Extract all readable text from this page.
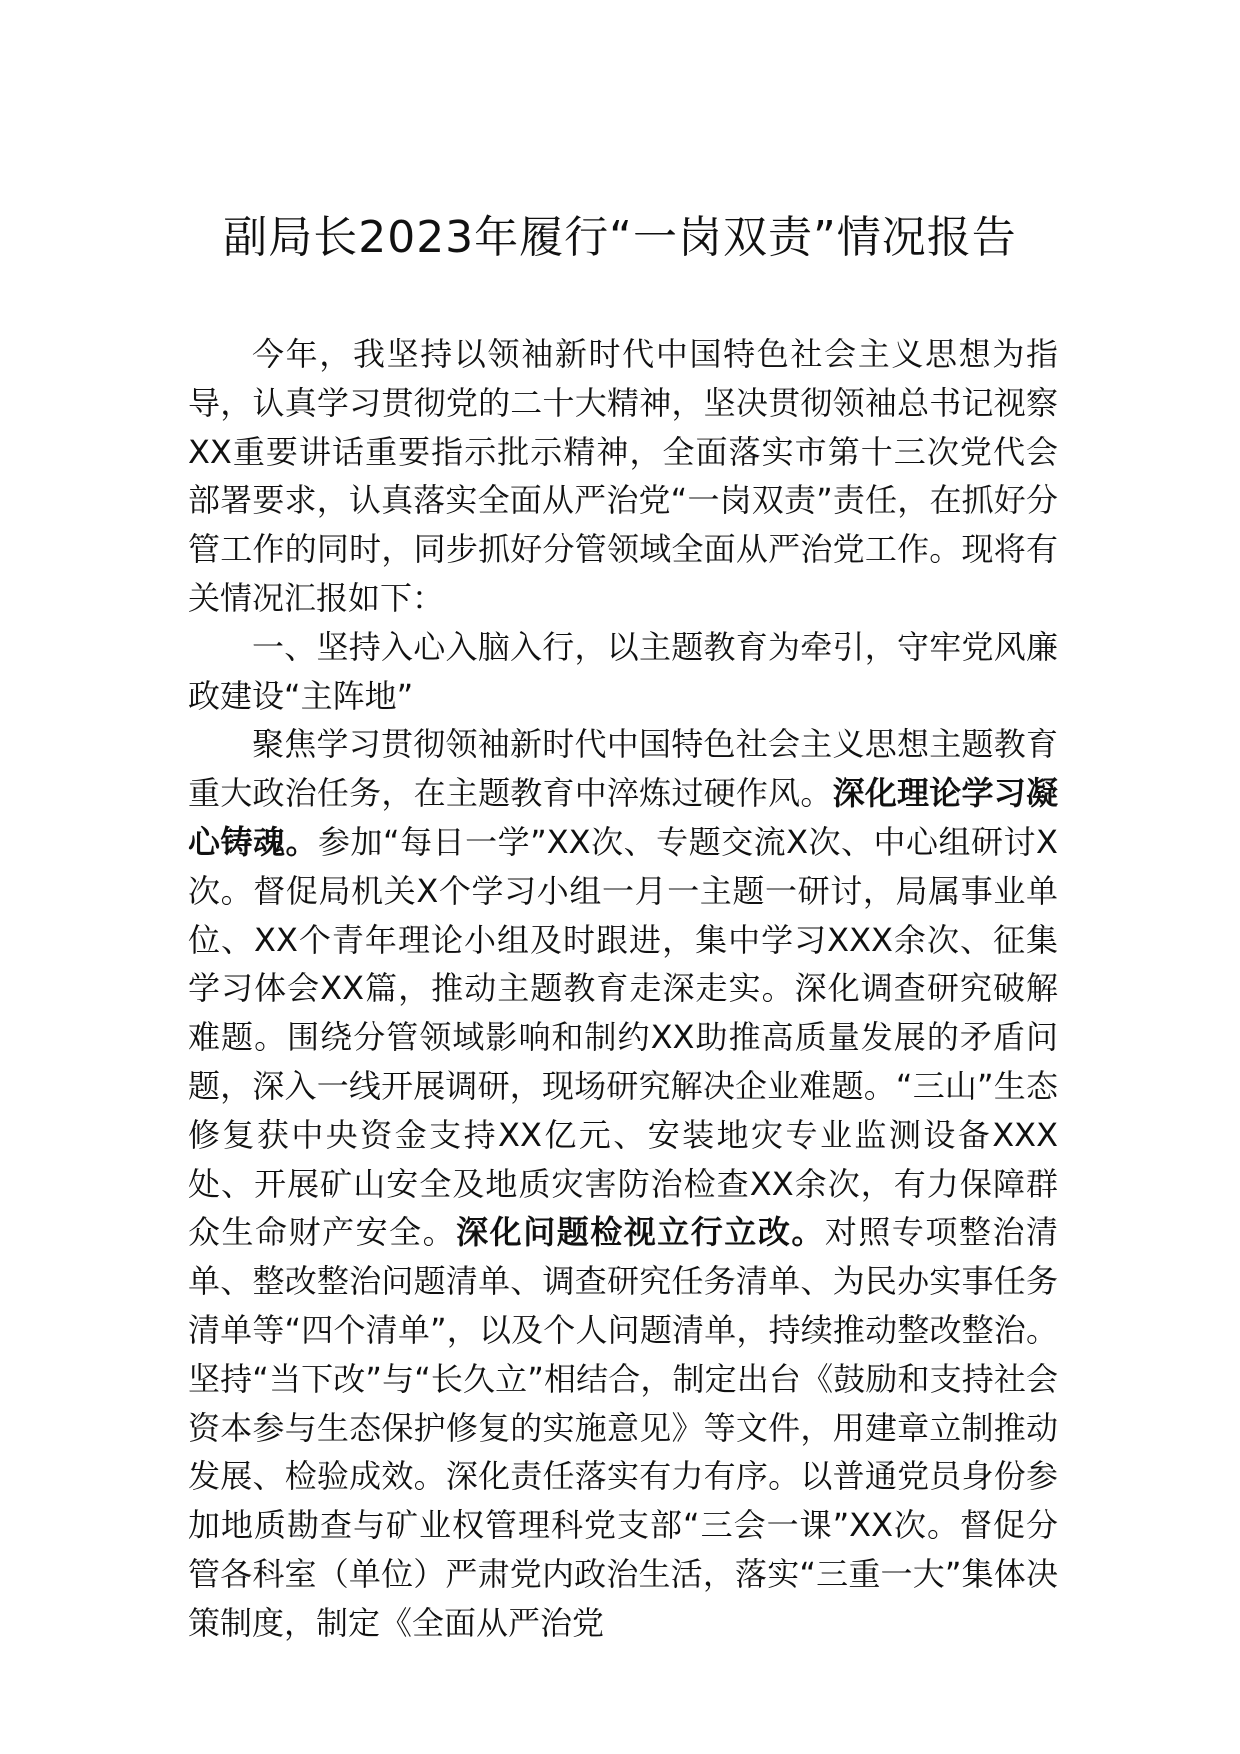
副局长2023年履行“一岗双责”情况报告

今年，我坚持以领袖新时代中国特色社会主义思想为指导，认真学习贯彻党的二十大精神，坚决贯彻领袖总书记视察XX重要讲话重要指示批示精神，全面落实市第十三次党代会部署要求，认真落实全面从严治党“一岗双责”责任，在抓好分管工作的同时，同步抓好分管领域全面从严治党工作。现将有关情况汇报如下：

一、坚持入心入脑入行，以主题教育为牵引，守牢党风廉政建设“主阵地”

聚焦学习贯彻领袖新时代中国特色社会主义思想主题教育重大政治任务，在主题教育中淬炼过硬作风。深化理论学习凝心铸魂。参加“每日一学”XX次、专题交流X次、中心组研讨X次。督促局机关X个学习小组一月一主题一研讨，局属事业单位、XX个青年理论小组及时跟进，集中学习XXX余次、征集学习体会XX篇，推动主题教育走深走实。深化调查研究破解难题。围绕分管领域影响和制约XX助推高质量发展的矛盾问题，深入一线开展调研，现场研究解决企业难题。“三山”生态修复获中央资金支持XX亿元、安装地灾专业监测设备XXX处、开展矿山安全及地质灾害防治检查XX余次，有力保障群众生命财产安全。深化问题检视立行立改。对照专项整治清单、整改整治问题清单、调查研究任务清单、为民办实事任务清单等“四个清单”，以及个人问题清单，持续推动整改整治。坚持“当下改”与“长久立”相结合，制定出台《鼓励和支持社会资本参与生态保护修复的实施意见》等文件，用建章立制推动发展、检验成效。深化责任落实有力有序。以普通党员身份参加地质勘查与矿业权管理科党支部“三会一课”XX次。督促分管各科室（单位）严肃党内政治生活，落实“三重一大”集体决策制度，制定《全面从严治党
